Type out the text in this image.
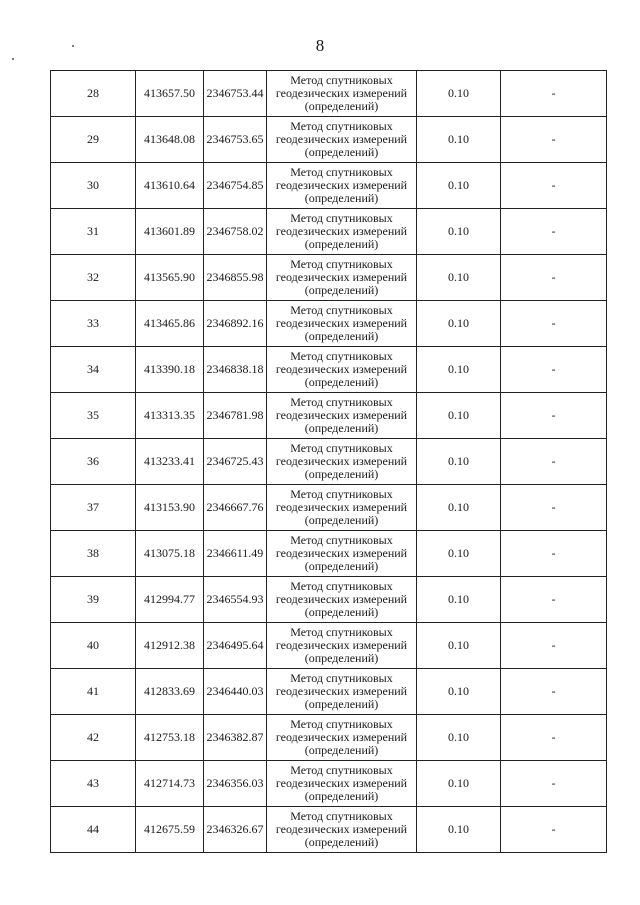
8
28	413657.50	2346753.44	Метод спутниковых
геодезических измерений
(определений)	0.10	-

29	413648.08	2346753.65	Метод спутниковых
геодезических измерений
(определений)	0.10	-

30	413610.64	2346754.85	Метод спутниковых
геодезических измерений
(определений)	0.10	-

31	413601.89	2346758.02	Метод спутниковых
геодезических измерений
(определений)	0.10	-

32	413565.90	2346855.98	Метод спутниковых
геодезических измерений
(определений)	0.10	-

33	413465.86	2346892.16	Метод спутниковых
геодезических измерений
(определений)	0.10	-

34	413390.18	2346838.18	Метод спутниковых
геодезических измерений
(определений)	0.10	-

35	413313.35	2346781.98	Метод спутниковых
геодезических измерений
(определений)	0.10	-

36	413233.41	2346725.43	Метод спутниковых
геодезических измерений
(определений)	0.10	-

37	413153.90	2346667.76	Метод спутниковых
геодезических измерений
(определений)	0.10	-

38	413075.18	2346611.49	Метод спутниковых
геодезических измерений
(определений)	0.10	-

39	412994.77	2346554.93	Метод спутниковых
геодезических измерений
(определений)	0.10	-

40	412912.38	2346495.64	Метод спутниковых
геодезических измерений
(определений)	0.10	-

41	412833.69	2346440.03	Метод спутниковых
геодезических измерений
(определений)	0.10	-

42	412753.18	2346382.87	Метод спутниковых
геодезических измерений
(определений)	0.10	-

43	412714.73	2346356.03	Метод спутниковых
геодезических измерений
(определений)	0.10	-

44	412675.59	2346326.67	Метод спутниковых
геодезических измерений
(определений)	0.10	-
